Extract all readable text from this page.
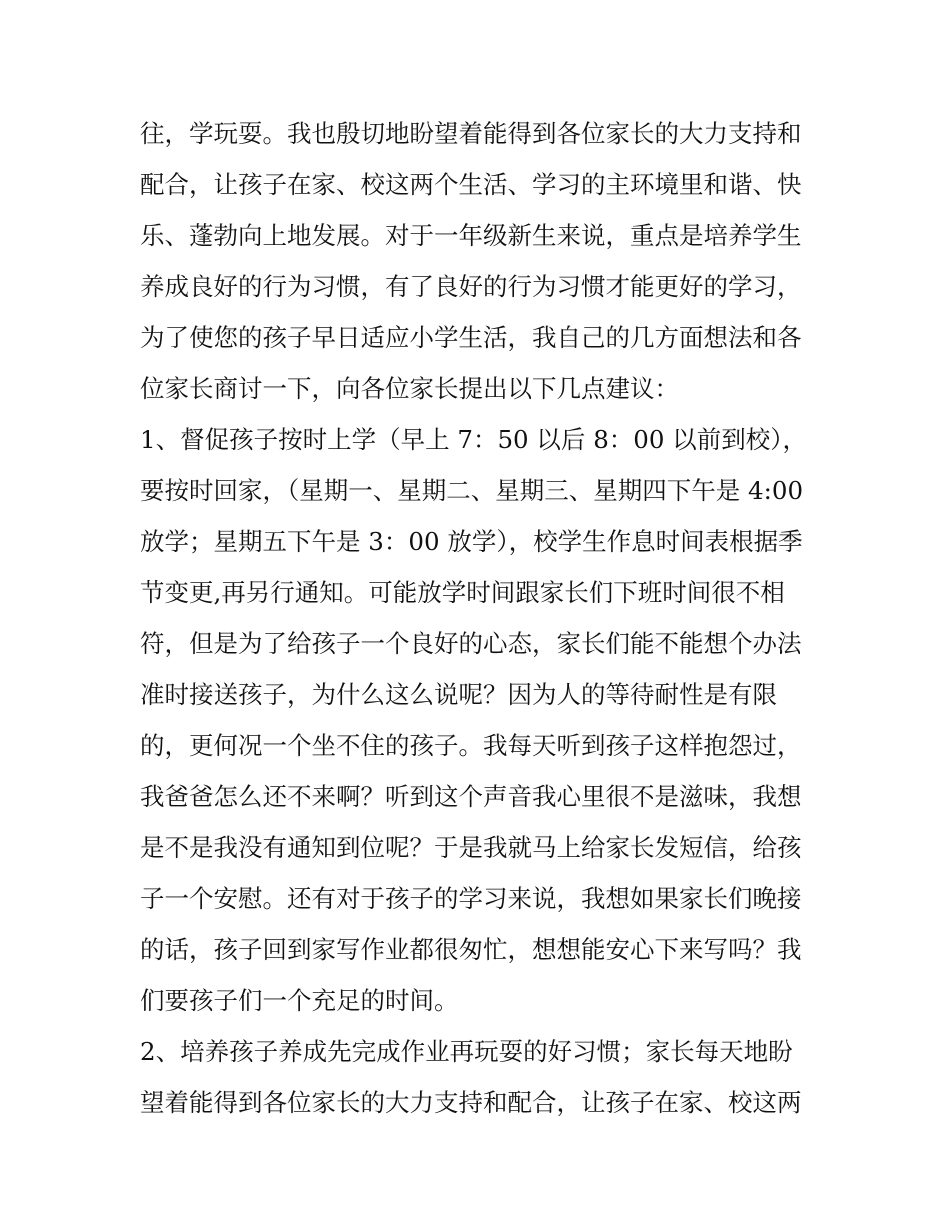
往，学玩耍。我也殷切地盼望着能得到各位家长的大力支持和
配合，让孩子在家、校这两个生活、学习的主环境里和谐、快
乐、蓬勃向上地发展。对于一年级新生来说，重点是培养学生
养成良好的行为习惯，有了良好的行为习惯才能更好的学习，
为了使您的孩子早日适应小学生活，我自己的几方面想法和各
位家长商讨一下，向各位家长提出以下几点建议：
1、督促孩子按时上学（早上 7：50 以后 8：00 以前到校），
要按时回家，（星期一、星期二、星期三、星期四下午是 4:00
放学；星期五下午是 3：00 放学），校学生作息时间表根据季
节变更,再另行通知。可能放学时间跟家长们下班时间很不相
符，但是为了给孩子一个良好的心态，家长们能不能想个办法
准时接送孩子，为什么这么说呢？因为人的等待耐性是有限
的，更何况一个坐不住的孩子。我每天听到孩子这样抱怨过，
我爸爸怎么还不来啊？听到这个声音我心里很不是滋味，我想
是不是我没有通知到位呢？于是我就马上给家长发短信，给孩
子一个安慰。还有对于孩子的学习来说，我想如果家长们晚接
的话，孩子回到家写作业都很匆忙，想想能安心下来写吗？我
们要孩子们一个充足的时间。
2、培养孩子养成先完成作业再玩耍的好习惯；家长每天地盼
望着能得到各位家长的大力支持和配合，让孩子在家、校这两
